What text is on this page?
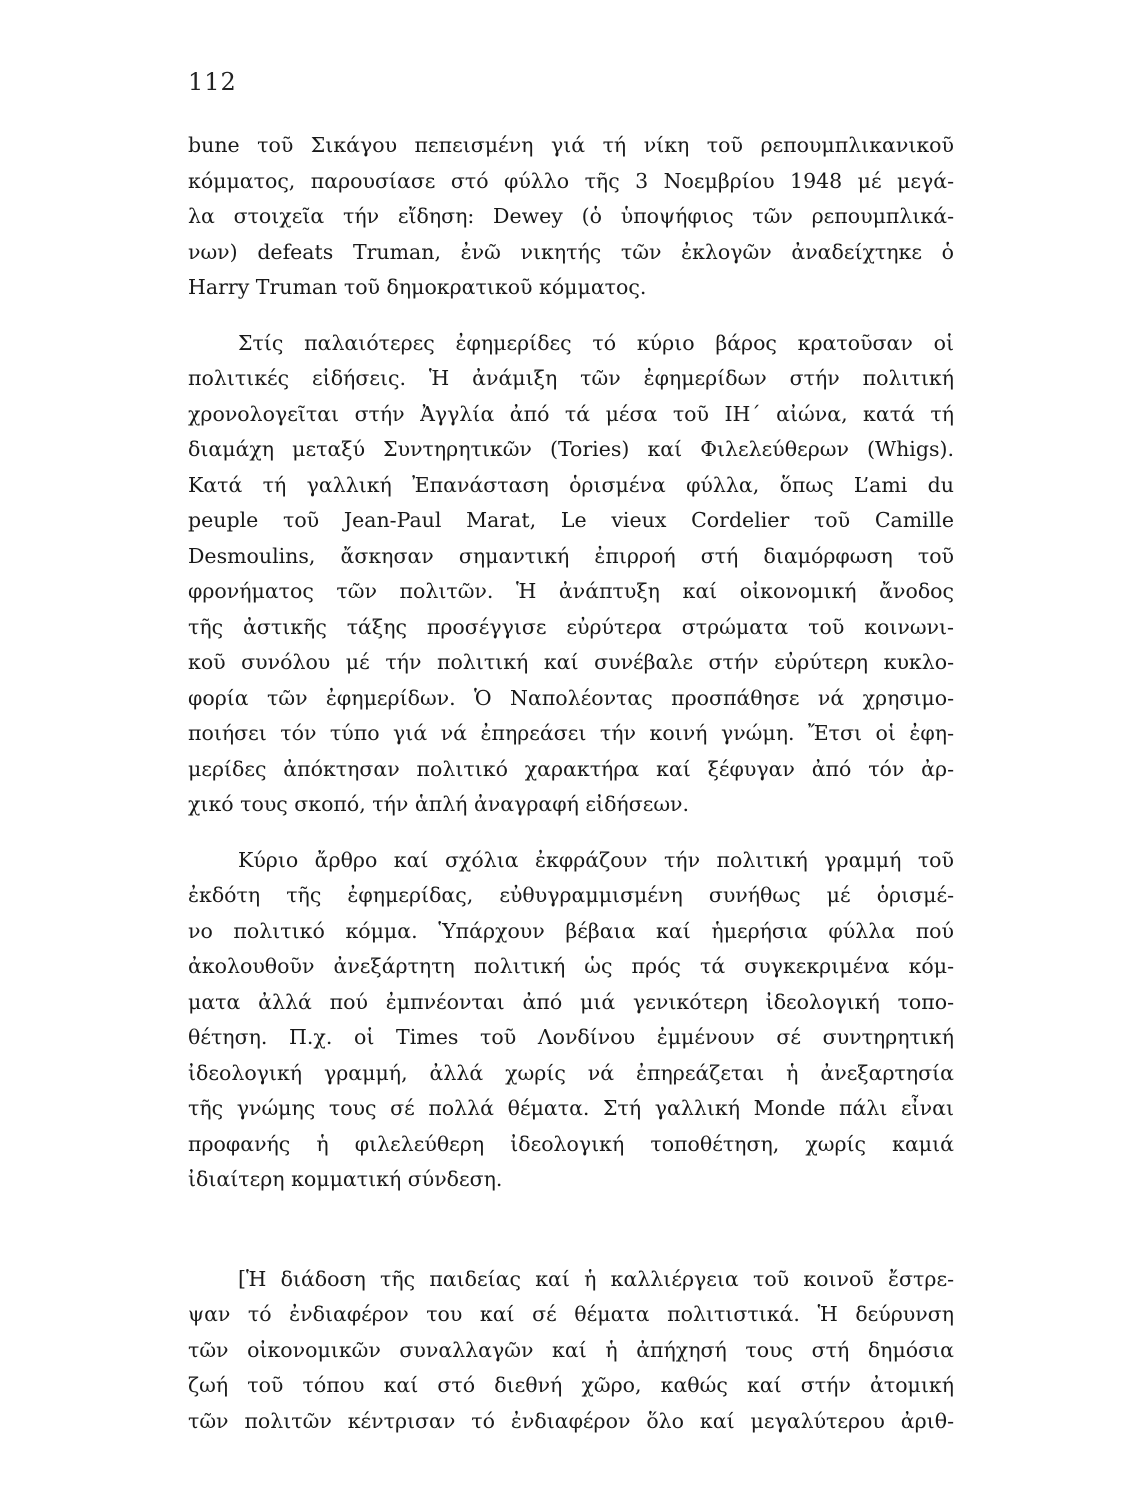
112
bune τοῦ Σικάγου πεπεισμένη γιά τή νίκη τοῦ ρεπουμπλικανικοῦ
κόμματος, παρουσίασε στό φύλλο τῆς 3 Νοεμβρίου 1948 μέ μεγά-
λα στοιχεῖα τήν εἴδηση: Dewey (ὁ ὑποψήφιος τῶν ρεπουμπλικά-
νων) defeats Truman, ἐνῶ νικητής τῶν ἐκλογῶν ἀναδείχτηκε ὁ
Harry Truman τοῦ δημοκρατικοῦ κόμματος.
Στίς παλαιότερες ἐφημερίδες τό κύριο βάρος κρατοῦσαν οἱ
πολιτικές εἰδήσεις. Ἡ ἀνάμιξη τῶν ἐφημερίδων στήν πολιτική
χρονολογεῖται στήν Ἀγγλία ἀπό τά μέσα τοῦ ΙΗ΄ αἰώνα, κατά τή
διαμάχη μεταξύ Συντηρητικῶν (Tories) καί Φιλελεύθερων (Whigs).
Κατά τή γαλλική Ἐπανάσταση ὁρισμένα φύλλα, ὅπως L’ami du
peuple τοῦ Jean-Paul Marat, Le vieux Cordelier τοῦ Camille
Desmoulins, ἄσκησαν σημαντική ἐπιρροή στή διαμόρφωση τοῦ
φρονήματος τῶν πολιτῶν. Ἡ ἀνάπτυξη καί οἰκονομική ἄνοδος
τῆς ἀστικῆς τάξης προσέγγισε εὐρύτερα στρώματα τοῦ κοινωνι-
κοῦ συνόλου μέ τήν πολιτική καί συνέβαλε στήν εὐρύτερη κυκλο-
φορία τῶν ἐφημερίδων. Ὁ Ναπολέοντας προσπάθησε νά χρησιμο-
ποιήσει τόν τύπο γιά νά ἐπηρεάσει τήν κοινή γνώμη. Ἔτσι οἱ ἐφη-
μερίδες ἀπόκτησαν πολιτικό χαρακτήρα καί ξέφυγαν ἀπό τόν ἀρ-
χικό τους σκοπό, τήν ἁπλή ἀναγραφή εἰδήσεων.
Κύριο ἄρθρο καί σχόλια ἐκφράζουν τήν πολιτική γραμμή τοῦ
ἐκδότη τῆς ἐφημερίδας, εὐθυγραμμισμένη συνήθως μέ ὁρισμέ-
νο πολιτικό κόμμα. Ὑπάρχουν βέβαια καί ἡμερήσια φύλλα πού
ἀκολουθοῦν ἀνεξάρτητη πολιτική ὡς πρός τά συγκεκριμένα κόμ-
ματα ἀλλά πού ἐμπνέονται ἀπό μιά γενικότερη ἰδεολογική τοπο-
θέτηση. Π.χ. οἱ Times τοῦ Λονδίνου ἐμμένουν σέ συντηρητική
ἰδεολογική γραμμή, ἀλλά χωρίς νά ἐπηρεάζεται ἡ ἀνεξαρτησία
τῆς γνώμης τους σέ πολλά θέματα. Στή γαλλική Monde πάλι εἶναι
προφανής ἡ φιλελεύθερη ἰδεολογική τοποθέτηση, χωρίς καμιά
ἰδιαίτερη κομματική σύνδεση.
[Ἡ διάδοση τῆς παιδείας καί ἡ καλλιέργεια τοῦ κοινοῦ ἔστρε-
ψαν τό ἐνδιαφέρον του καί σέ θέματα πολιτιστικά. Ἡ δεύρυνση
τῶν οἰκονομικῶν συναλλαγῶν καί ἡ ἀπήχησή τους στή δημόσια
ζωή τοῦ τόπου καί στό διεθνή χῶρο, καθώς καί στήν ἀτομική
τῶν πολιτῶν κέντρισαν τό ἐνδιαφέρον ὅλο καί μεγαλύτερου ἀριθ-
